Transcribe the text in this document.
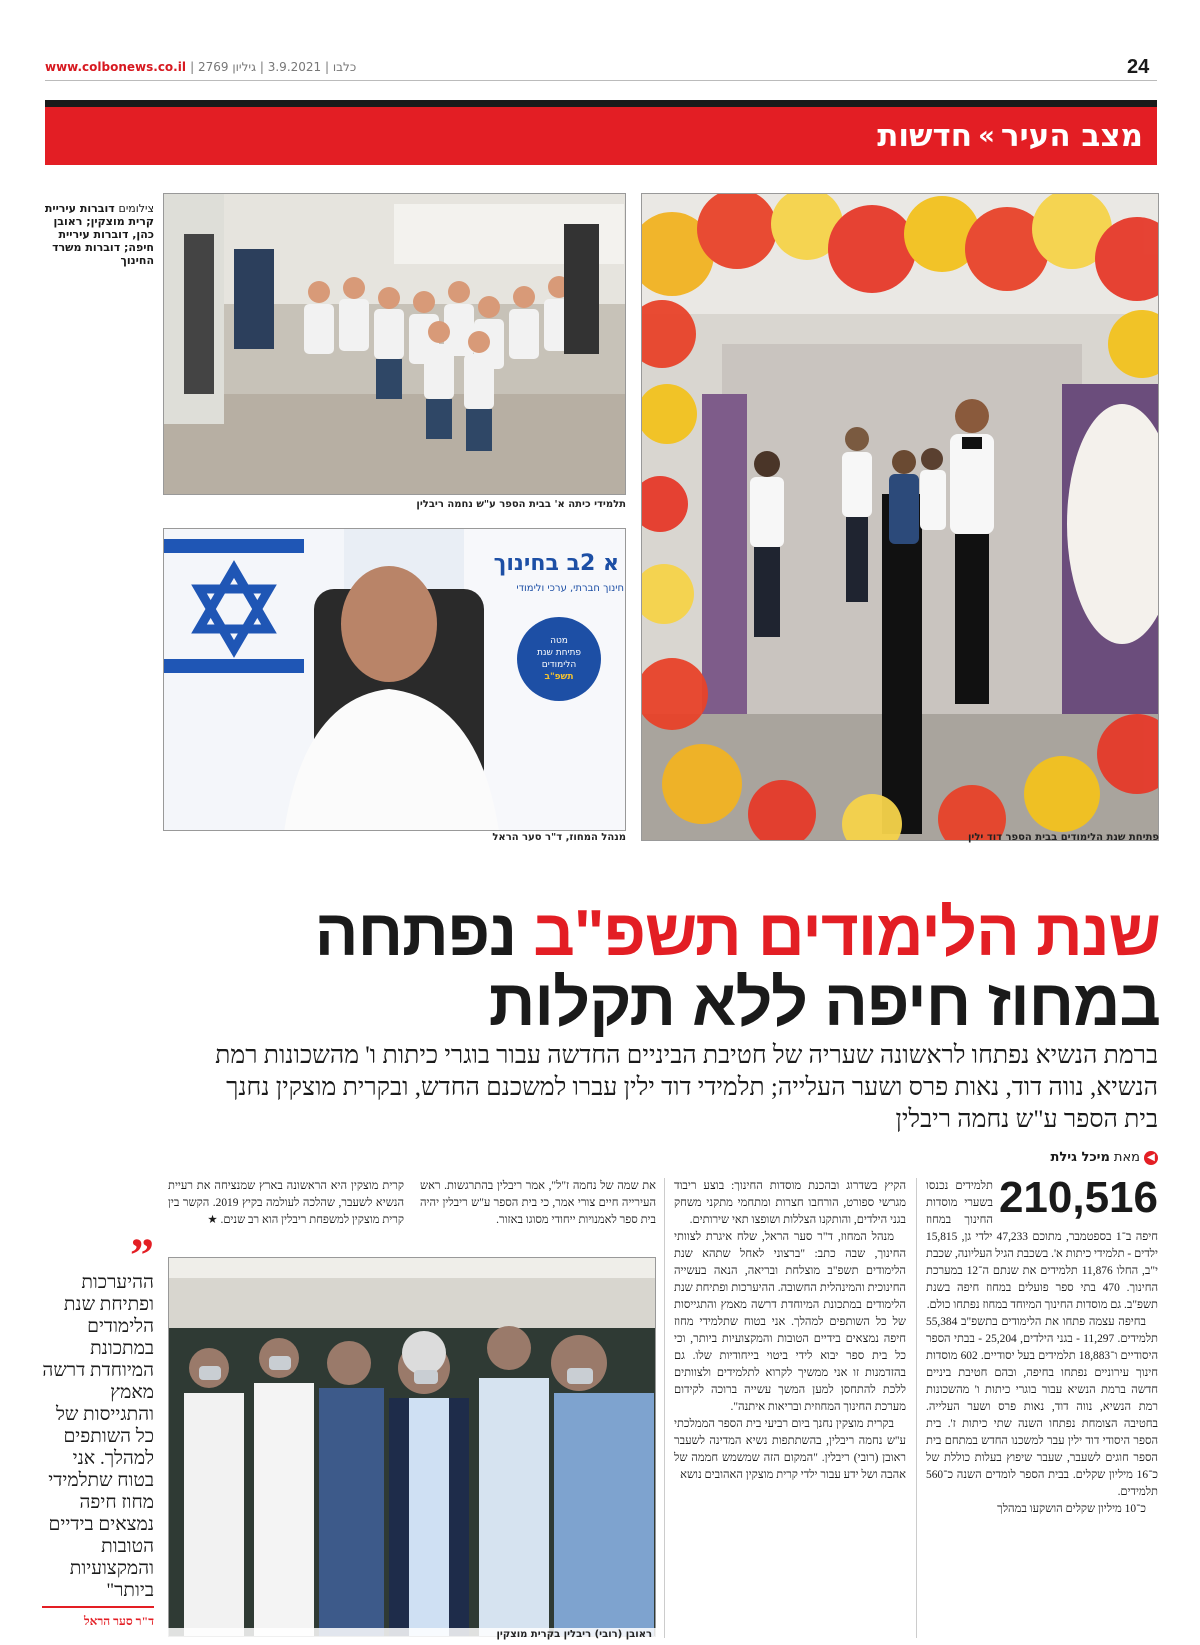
www.colbonews.co.il | כלבו | 3.9.2021 | גיליון 2769	24
מצב העיר
»
חדשות
צילומים דוברות עיריית קרית מוצקין; ראובן כהן, דוברות עיריית חיפה; דוברות משרד החינוך
פתיחת שנת הלימודים בבית הספר דוד ילין
תלמידי כיתה א' בבית הספר ע"ש נחמה ריבלין
א 2ב בחינוך
חינוך חברתי, ערכי ולימודי
מטה
פתיחת שנת
הלימודים
תשפ"ב
מנהל המחוז, ד"ר סער הראל
שנת הלימודים תשפ"ב נפתחה
במחוז חיפה ללא תקלות
ברמת הנשיא נפתחו לראשונה שעריה של חטיבת הביניים החדשה עבור בוגרי כיתות ו' מהשכונות רמת הנשיא, נווה דוד, נאות פרס ושער העלייה; תלמידי דוד ילין עברו למשכנם החדש, ובקרית מוצקין נחנך בית הספר ע"ש נחמה ריבלין
◀
מאת
מיכל גילת
210,516

תלמידים נכנסו בשערי מוסדות החינוך במחוז חיפה ב־1 בספטמבר, מתוכם 47,233 ילדי גן, 15,815 ילדים - תלמידי כיתות א'. בשכבת הגיל העליונה, שכבת י"ב, החלו 11,876 תלמידים את שנתם ה־12 במערכת החינוך. 470 בתי ספר פועלים במחוז חיפה בשנת תשפ"ב. גם מוסדות החינוך המיוחד במחוז נפתחו כולם.

בחיפה עצמה פתחו את הלימודים בתשפ"ב 55,384 תלמידים. 11,297 - בגני הילדים, 25,204 - בבתי הספר היסודיים ו־18,883 תלמידים בעל יסודיים. 602 מוסדות חינוך עירוניים נפתחו בחיפה, ובהם חטיבת ביניים חדשה ברמת הנשיא עבור בוגרי כיתות ו' מהשכונות רמת הנשיא, נווה דוד, נאות פרס ושער העלייה. בחטיבה הצומחת נפתחו השנה שתי כיתות ז'. בית הספר היסודי דוד ילין עבר למשכנו החדש במתחם בית הספר חוגים לשעבר, שעבר שיפוץ בעלות כוללת של כ־16 מיליון שקלים. בבית הספר לומדים השנה כ־560 תלמידים.

כ־10 מיליון שקלים הושקעו במהלך

הקיץ בשדרוג ובהכנת מוסדות החינוך: בוצע ריבוד מגרשי ספורט, הורחבו חצרות ומתחמי מתקני משחק בגני הילדים, והותקנו הצללות ושופצו תאי שירותים.

מנהל המחוז, ד"ר סער הראל, שלח איגרת לצוותי החינוך, שבה כתב: "ברצוני לאחל שתהא שנת הלימודים תשפ"ב מוצלחת ובריאה, הנאה בעשייה החינוכית והמינהלית החשובה. ההיערכות ופתיחת שנת הלימודים במתכונת המיוחדת דרשה מאמץ והתגייסות של כל השותפים למהלך. אני בטוח שתלמידי מחוז חיפה נמצאים בידיים הטובות והמקצועיות ביותר, וכי כל בית ספר יבוא לידי ביטוי בייחודיות שלו. גם בהזדמנות זו אני ממשיך לקרוא לתלמידים ולצוותים ללכת להתחסן למען המשך עשייה ברוכה לקידום מערכת החינוך המחוזית ובריאות איתנה".

בקרית מוצקין נחנך ביום רביעי בית הספר הממלכתי ע"ש נחמה ריבלין, בהשתתפות נשיא המדינה לשעבר ראובן (רובי) ריבלין. "המקום הזה שמשמש חממה של אהבה ושל ידע עבור ילדי קרית מוצקין האהובים נושא

את שמה של נחמה ז"ל", אמר ריבלין בהתרגשות. ראש העירייה חיים צורי אמר, כי בית הספר ע"ש ריבלין יהיה בית ספר לאמנויות ייחודי מסוגו באזור.

קרית מוצקין היא הראשונה בארץ שמנציחה את רעיית הנשיא לשעבר, שהלכה לעולמה בקיץ 2019. הקשר בין קרית מוצקין למשפחת ריבלין הוא רב שנים. ★

ראובן (רובי) ריבלין בקרית מוצקין
”
ההיערכות ופתיחת שנת הלימודים במתכונת המיוחדת דרשה מאמץ והתגייסות של כל השותפים למהלך. אני בטוח שתלמידי מחוז חיפה נמצאים בידיים הטובות והמקצועיות ביותר"
ד"ר סער הראל
